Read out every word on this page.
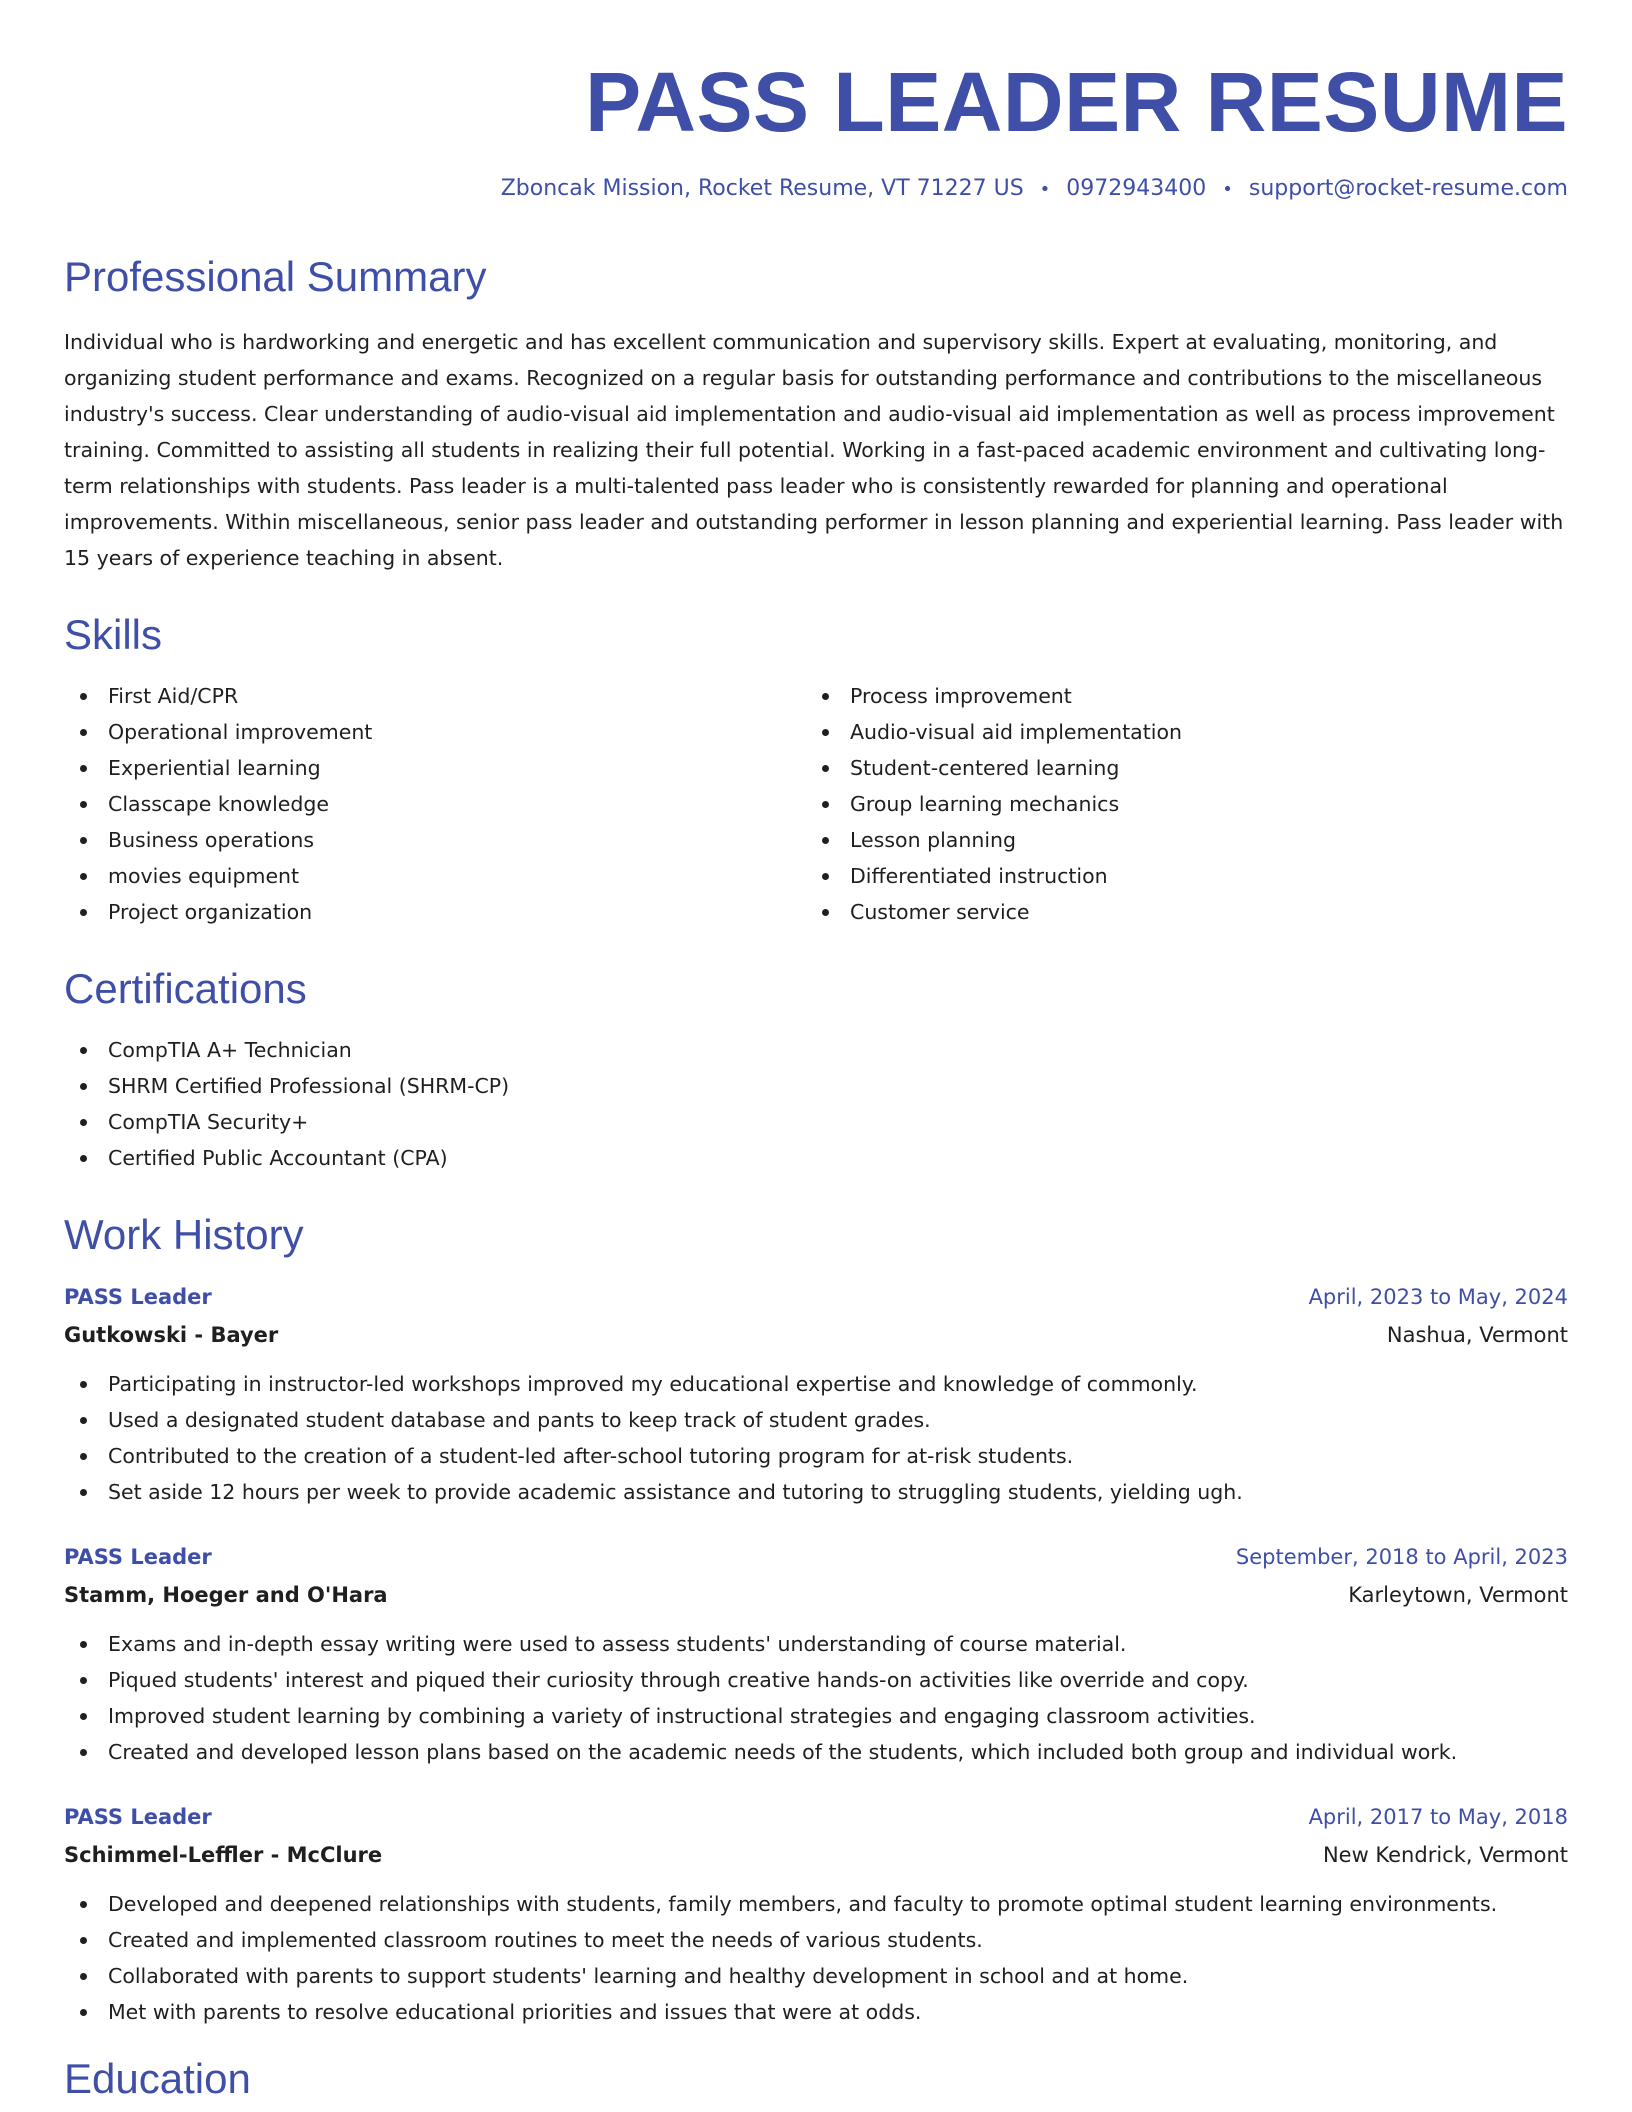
PASS LEADER RESUME
Zboncak Mission, Rocket Resume, VT 71227 US • 0972943400 • support@rocket-resume.com
Professional Summary

Individual who is hardworking and energetic and has excellent communication and supervisory skills. Expert at evaluating, monitoring, and organizing student performance and exams. Recognized on a regular basis for outstanding performance and contributions to the miscellaneous industry's success. Clear understanding of audio-visual aid implementation and audio-visual aid implementation as well as process improvement training. Committed to assisting all students in realizing their full potential. Working in a fast-paced academic environment and cultivating long-term relationships with students. Pass leader is a multi-talented pass leader who is consistently rewarded for planning and operational improvements. Within miscellaneous, senior pass leader and outstanding performer in lesson planning and experiential learning. Pass leader with 15 years of experience teaching in absent.

Skills
First Aid/CPR
Operational improvement
Experiential learning
Classcape knowledge
Business operations
movies equipment
Project organization
Process improvement
Audio-visual aid implementation
Student-centered learning
Group learning mechanics
Lesson planning
Differentiated instruction
Customer service
Certifications
CompTIA A+ Technician
SHRM Certified Professional (SHRM-CP)
CompTIA Security+
Certified Public Accountant (CPA)
Work History
PASS Leader	April, 2023 to May, 2024
Gutkowski - Bayer	Nashua, Vermont
Participating in instructor-led workshops improved my educational expertise and knowledge of commonly.
Used a designated student database and pants to keep track of student grades.
Contributed to the creation of a student-led after-school tutoring program for at-risk students.
Set aside 12 hours per week to provide academic assistance and tutoring to struggling students, yielding ugh.
PASS Leader	September, 2018 to April, 2023
Stamm, Hoeger and O'Hara	Karleytown, Vermont
Exams and in-depth essay writing were used to assess students' understanding of course material.
Piqued students' interest and piqued their curiosity through creative hands-on activities like override and copy.
Improved student learning by combining a variety of instructional strategies and engaging classroom activities.
Created and developed lesson plans based on the academic needs of the students, which included both group and individual work.
PASS Leader	April, 2017 to May, 2018
Schimmel-Leffler - McClure	New Kendrick, Vermont
Developed and deepened relationships with students, family members, and faculty to promote optimal student learning environments.
Created and implemented classroom routines to meet the needs of various students.
Collaborated with parents to support students' learning and healthy development in school and at home.
Met with parents to resolve educational priorities and issues that were at odds.
Education
